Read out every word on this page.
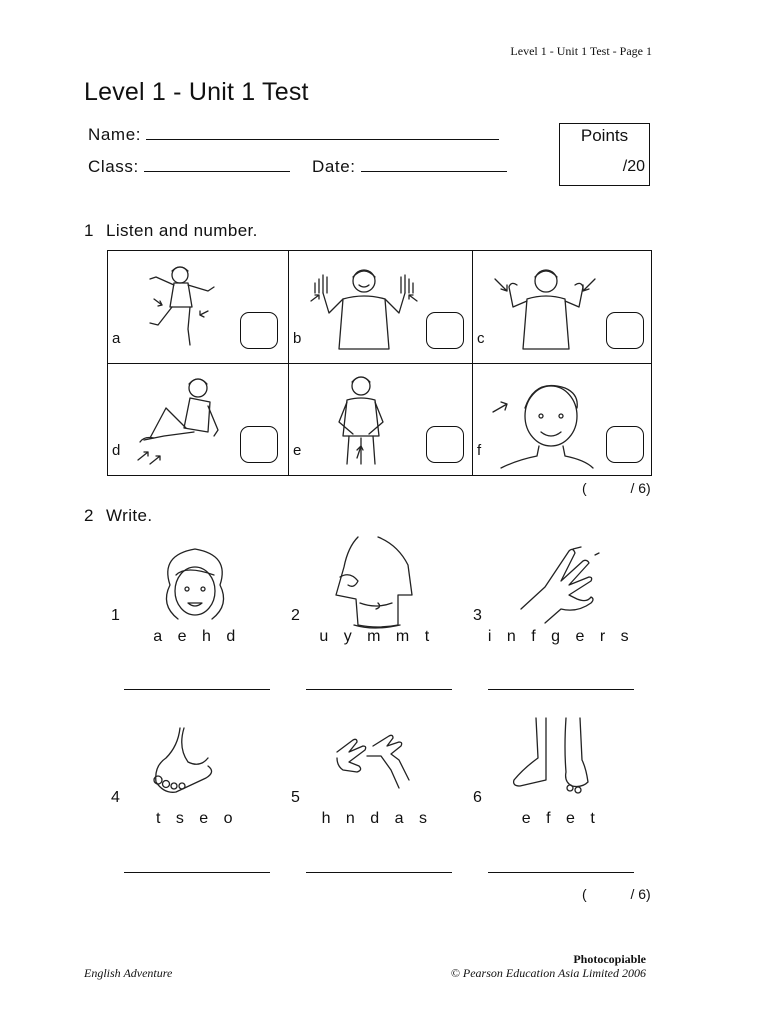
Level 1 - Unit 1 Test - Page 1
Level 1 - Unit 1 Test
Name:
Class:	Date:
Points
/20
1 Listen and number.
a	b	c
d	e	f
(	/ 6)
2 Write.
1	2	3
a e h d	u y m m t	i n f g e r s
4	5	6
t s e o	h n d a s	e f e t
(	/ 6)
English Adventure
Photocopiable
© Pearson Education Asia Limited 2006
